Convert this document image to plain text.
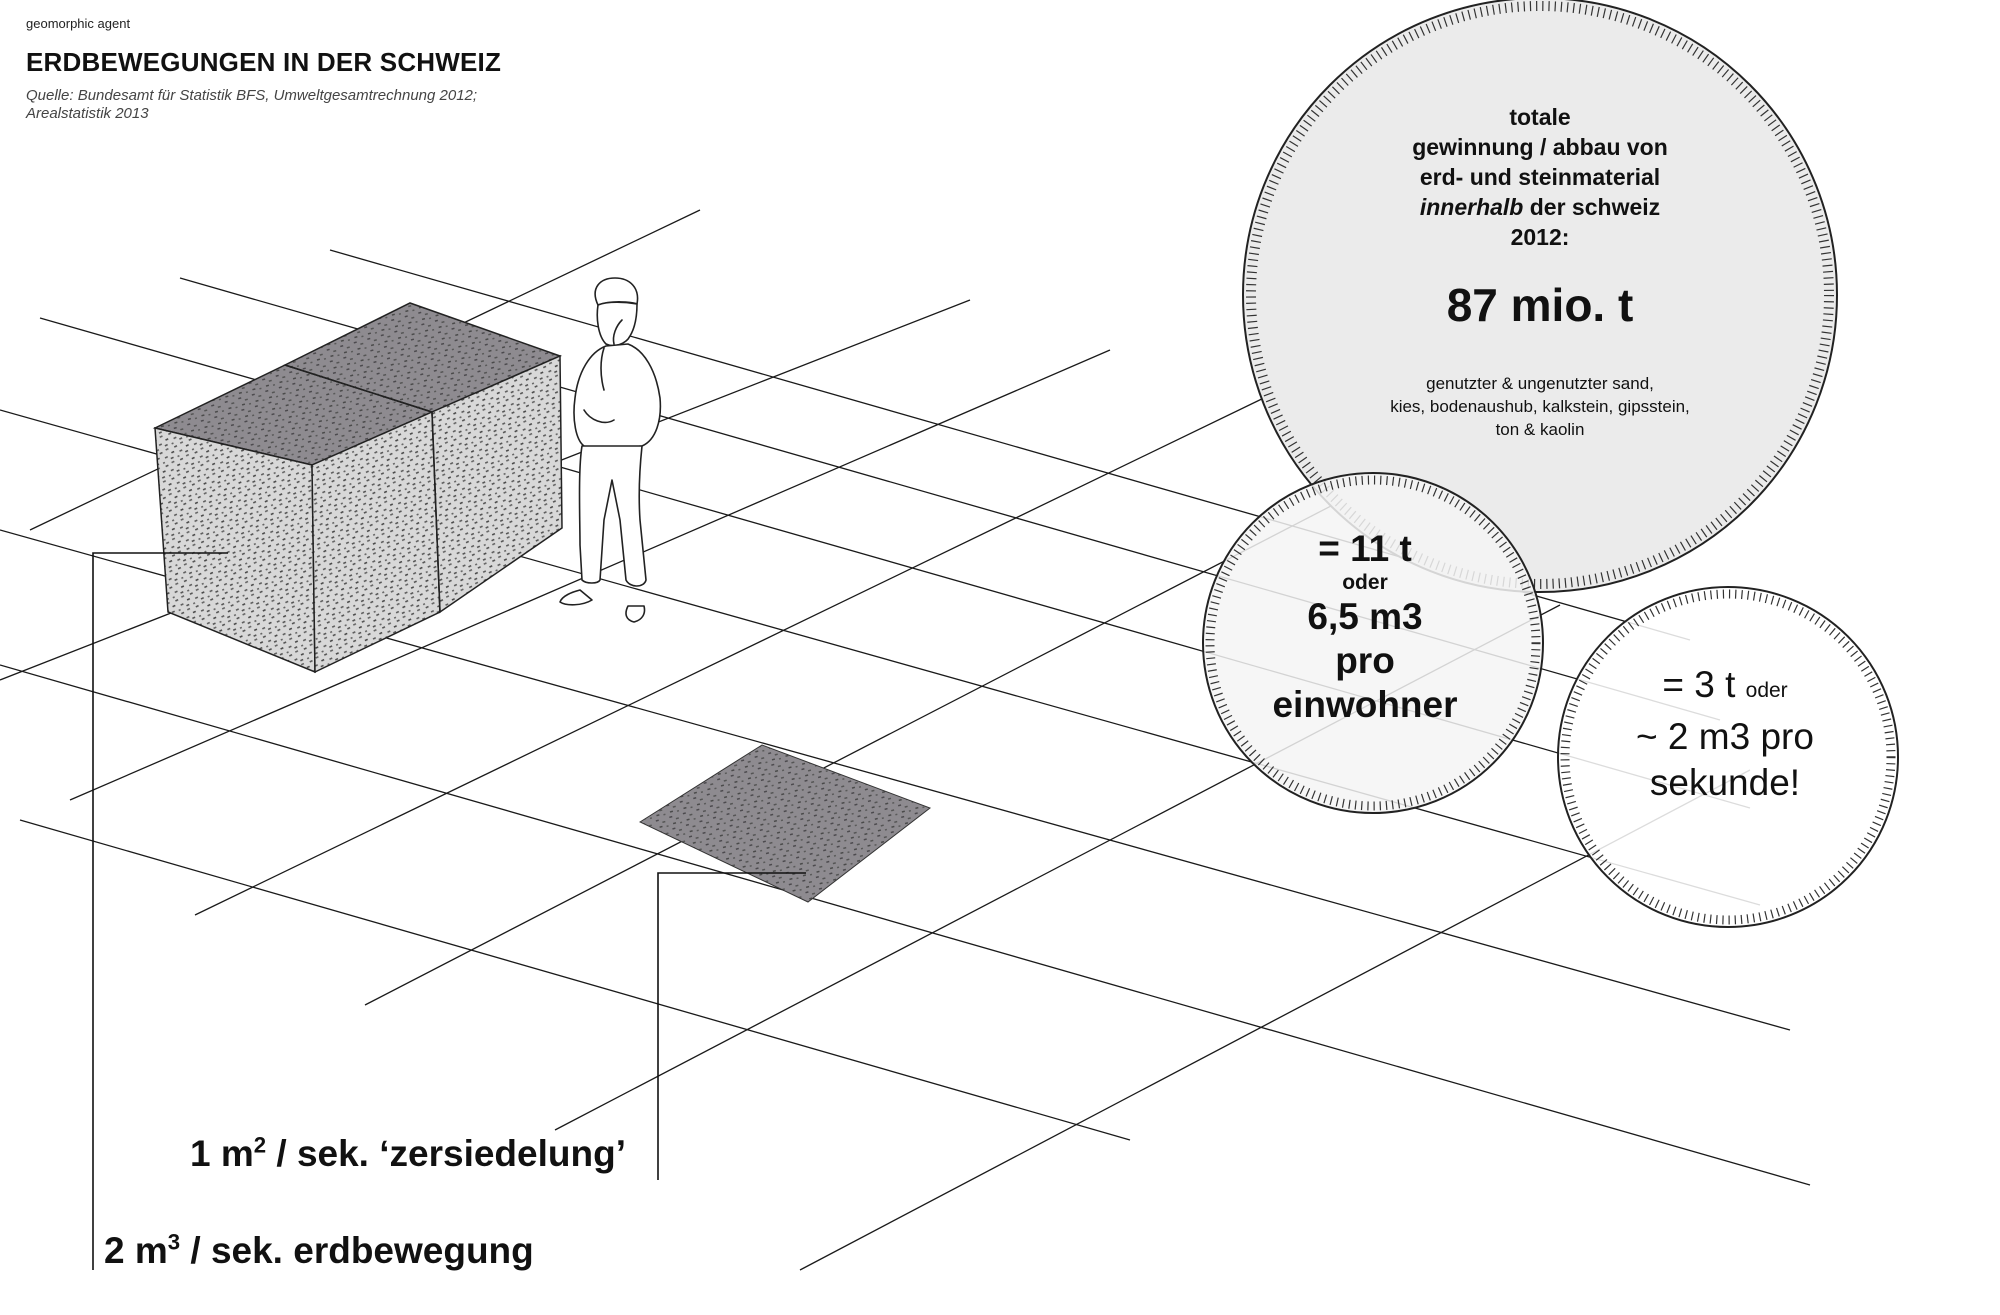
geomorphic agent
ERDBEWEGUNGEN IN DER SCHWEIZ
Quelle: Bundesamt für Statistik BFS, Umweltgesamtrechnung 2012;
Arealstatistik 2013	totale
gewinnung / abbau von
erd- und steinmaterial
innerhalb der schweiz
2012:
87 mio. t
genutzter & ungenutzter sand,
kies, bodenaushub, kalkstein, gipsstein,
ton & kaolin
= 11 t
oder
6,5 m3
pro
einwohner	= 3 t oder
~ 2 m3 pro
sekunde!
1 $m^2$ / sek. ‘zersiedelung’
2 $m^3$ / sek. erdbewegung
